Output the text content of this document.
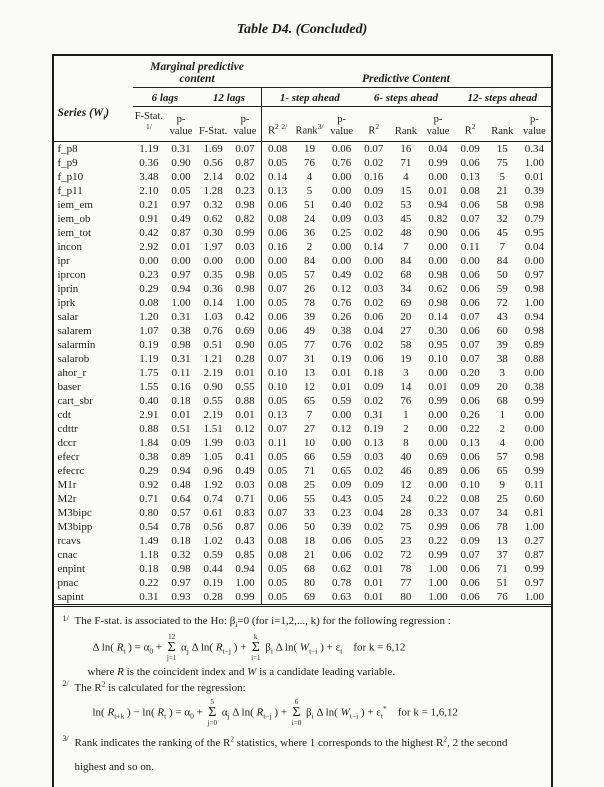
Table D4. (Concluded)
	Marginal predictive content				Predictive Content								
Series $(W_i)$	6 lags		12 lags		1- step ahead			6- steps ahead			12- steps ahead		
	F-Stat. $^{1/}$	p-value	F-Stat.	p-value	$R^2$ $^{2/}$	Rank$^{3/}$	p-value	$R^2$	Rank	p-value	$R^2$	Rank	p-value
f_p8	1.19	0.31	1.69	0.07	0.08	19	0.06	0.07	16	0.04	0.09	15	0.34
f_p9	0.36	0.90	0.56	0.87	0.05	76	0.76	0.02	71	0.99	0.06	75	1.00
f_p10	3.48	0.00	2.14	0.02	0.14	4	0.00	0.16	4	0.00	0.13	5	0.01
f_p11	2.10	0.05	1.28	0.23	0.13	5	0.00	0.09	15	0.01	0.08	21	0.39
iem_em	0.21	0.97	0.32	0.98	0.06	51	0.40	0.02	53	0.94	0.06	58	0.98
iem_ob	0.91	0.49	0.62	0.82	0.08	24	0.09	0.03	45	0.82	0.07	32	0.79
iem_tot	0.42	0.87	0.30	0.99	0.06	36	0.25	0.02	48	0.90	0.06	45	0.95
incon	2.92	0.01	1.97	0.03	0.16	2	0.00	0.14	7	0.00	0.11	7	0.04
ipr	0.00	0.00	0.00	0.00	0.00	84	0.00	0.00	84	0.00	0.00	84	0.00
iprcon	0.23	0.97	0.35	0.98	0.05	57	0.49	0.02	68	0.98	0.06	50	0.97
iprin	0.29	0.94	0.36	0.98	0.07	26	0.12	0.03	34	0.62	0.06	59	0.98
iprk	0.08	1.00	0.14	1.00	0.05	78	0.76	0.02	69	0.98	0.06	72	1.00
salar	1.20	0.31	1.03	0.42	0.06	39	0.26	0.06	20	0.14	0.07	43	0.94
salarem	1.07	0.38	0.76	0.69	0.06	49	0.38	0.04	27	0.30	0.06	60	0.98
salarmin	0.19	0.98	0.51	0.90	0.05	77	0.76	0.02	58	0.95	0.07	39	0.89
salarob	1.19	0.31	1.21	0.28	0.07	31	0.19	0.06	19	0.10	0.07	38	0.88
ahor_r	1.75	0.11	2.19	0.01	0.10	13	0.01	0.18	3	0.00	0.20	3	0.00
baser	1.55	0.16	0.90	0.55	0.10	12	0.01	0.09	14	0.01	0.09	20	0.38
cart_sbr	0.40	0.18	0.55	0.88	0.05	65	0.59	0.02	76	0.99	0.06	68	0.99
cdt	2.91	0.01	2.19	0.01	0.13	7	0.00	0.31	1	0.00	0.26	1	0.00
cdttr	0.88	0.51	1.51	0.12	0.07	27	0.12	0.19	2	0.00	0.22	2	0.00
dccr	1.84	0.09	1.99	0.03	0.11	10	0.00	0.13	8	0.00	0.13	4	0.00
efecr	0.38	0.89	1.05	0.41	0.05	66	0.59	0.03	40	0.69	0.06	57	0.98
efecrc	0.29	0.94	0.96	0.49	0.05	71	0.65	0.02	46	0.89	0.06	65	0.99
M1r	0.92	0.48	1.92	0.03	0.08	25	0.09	0.09	12	0.00	0.10	9	0.11
M2r	0.71	0.64	0.74	0.71	0.06	55	0.43	0.05	24	0.22	0.08	25	0.60
M3bipc	0.80	0.57	0.61	0.83	0.07	33	0.23	0.04	28	0.33	0.07	34	0.81
M3bipp	0.54	0.78	0.56	0.87	0.06	50	0.39	0.02	75	0.99	0.06	78	1.00
rcavs	1.49	0.18	1.02	0.43	0.08	18	0.06	0.05	23	0.22	0.09	13	0.27
cnac	1.18	0.32	0.59	0.85	0.08	21	0.06	0.02	72	0.99	0.07	37	0.87
enpint	0.18	0.98	0.44	0.94	0.05	68	0.62	0.01	78	1.00	0.06	71	0.99
pnac	0.22	0.97	0.19	1.00	0.05	80	0.78	0.01	77	1.00	0.06	51	0.97
sapint	0.31	0.93	0.28	0.99	0.05	69	0.63	0.01	80	1.00	0.06	76	1.00
1/ The F-stat. is associated to the Ho: $\beta_i=0$ (for i=1,2,..., k) for the following regression :
Δ ln( $R_t$ ) = $\alpha_0$ +
12
Σ
j=1
$\alpha_j$ Δ ln( $R_{t-j}$ ) +
k
Σ
i=1
$\beta_i$ Δ ln( $W_{t-i}$ ) + $\varepsilon_t$    for k = 6,12
where R is the coincident index and W is a candidate leading variable.
2/ The $R^2$ is calculated for the regression:
ln( $R_{t+k}$ ) − ln( $R_t$ ) = $\alpha_0$ +
5
Σ
j=0
$\alpha_j$ Δ ln( $R_{t-j}$ ) +
6
Σ
i=0
$\beta_i$ Δ ln( $W_{t-i}$ ) + $\varepsilon_t^*$    for k = 1,6,12
3/ Rank indicates the ranking of the $R^2$ statistics, where 1 corresponds to the highest $R^2$, 2 the second highest and so on.
